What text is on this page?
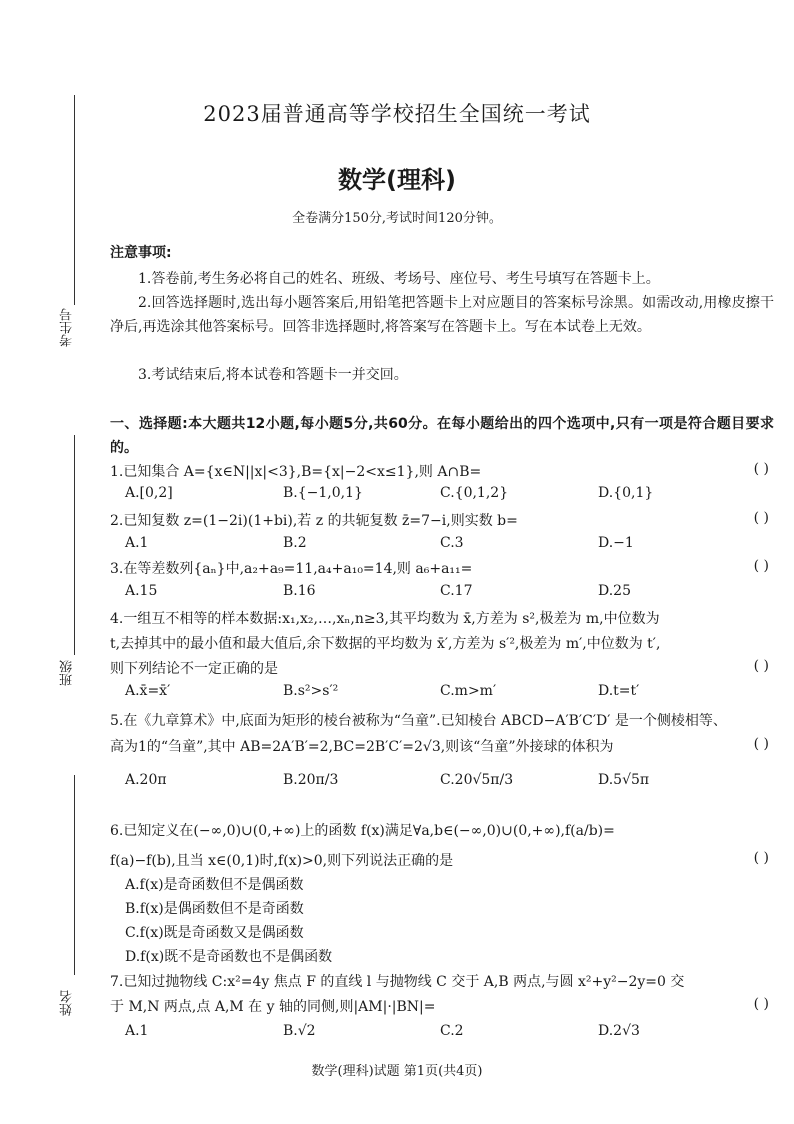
考生号
班级
姓名
2023届普通高等学校招生全国统一考试
数学(理科)
全卷满分150分,考试时间120分钟。
注意事项:
1.答卷前,考生务必将自己的姓名、班级、考场号、座位号、考生号填写在答题卡上。
2.回答选择题时,选出每小题答案后,用铅笔把答题卡上对应题目的答案标号涂黑。如需改动,用橡皮擦干净后,再选涂其他答案标号。回答非选择题时,将答案写在答题卡上。写在本试卷上无效。
3.考试结束后,将本试卷和答题卡一并交回。
一、选择题:本大题共12小题,每小题5分,共60分。在每小题给出的四个选项中,只有一项是符合题目要求的。
1.已知集合 A={x∈N||x|<3},B={x|−2<x≤1},则 A∩B=	( )
A.[0,2]	B.{−1,0,1}	C.{0,1,2}	D.{0,1}
2.已知复数 z=(1−2i)(1+bi),若 z 的共轭复数 z̄=7−i,则实数 b=	( )
A.1	B.2	C.3	D.−1
3.在等差数列{aₙ}中,a₂+a₉=11,a₄+a₁₀=14,则 a₆+a₁₁=	( )
A.15	B.16	C.17	D.25
4.一组互不相等的样本数据:x₁,x₂,…,xₙ,n≥3,其平均数为 x̄,方差为 s²,极差为 m,中位数为
t,去掉其中的最小值和最大值后,余下数据的平均数为 x̄′,方差为 s′²,极差为 m′,中位数为 t′,
则下列结论不一定正确的是	( )
A.x̄=x̄′	B.s²>s′²	C.m>m′	D.t=t′
5.在《九章算术》中,底面为矩形的棱台被称为“刍童”.已知棱台 ABCD−A′B′C′D′ 是一个侧棱相等、
高为1的“刍童”,其中 AB=2A′B′=2,BC=2B′C′=2√3,则该“刍童”外接球的体积为	( )
A.20π	B.20π/3	C.20√5π/3	D.5√5π
6.已知定义在(−∞,0)∪(0,+∞)上的函数 f(x)满足∀a,b∈(−∞,0)∪(0,+∞),f(a/b)=
f(a)−f(b),且当 x∈(0,1)时,f(x)>0,则下列说法正确的是	( )
A.f(x)是奇函数但不是偶函数
B.f(x)是偶函数但不是奇函数
C.f(x)既是奇函数又是偶函数
D.f(x)既不是奇函数也不是偶函数
7.已知过抛物线 C:x²=4y 焦点 F 的直线 l 与抛物线 C 交于 A,B 两点,与圆 x²+y²−2y=0 交
于 M,N 两点,点 A,M 在 y 轴的同侧,则|AM|·|BN|=	( )
A.1	B.√2	C.2	D.2√3
数学(理科)试题 第1页(共4页)
